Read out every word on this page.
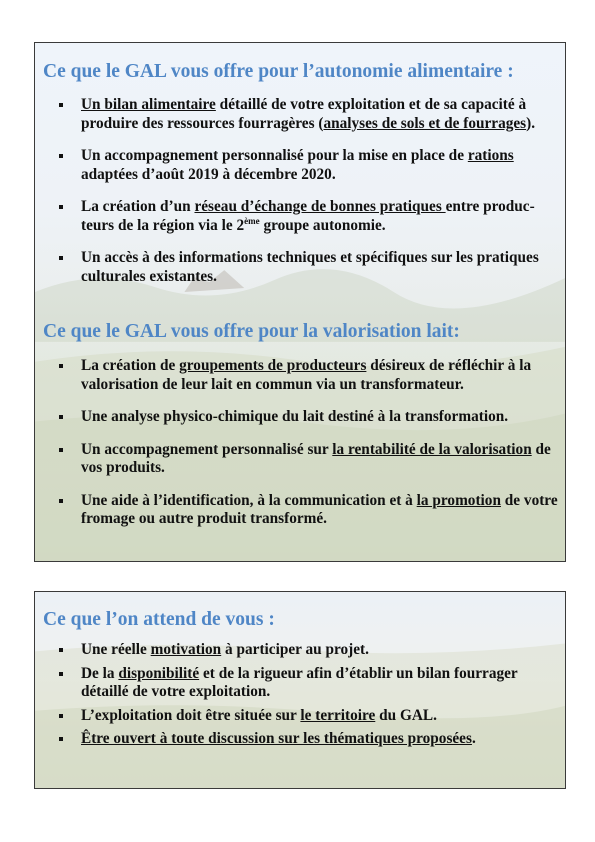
Ce que le GAL vous offre pour l’autonomie alimentaire :
Un bilan alimentaire détaillé de votre exploitation et de sa capacité à produire des ressources fourragères (analyses de sols et de fourrages).
Un accompagnement personnalisé pour la mise en place de rations adaptées d’août 2019 à décembre 2020.
La création d’un réseau d’échange de bonnes pratiques entre produc-teurs de la région via le 2ème groupe autonomie.
Un accès à des informations techniques et spécifiques sur les pratiques culturales existantes.
Ce que le GAL vous offre pour la valorisation lait:
La création de groupements de producteurs désireux de réfléchir à la valorisation de leur lait en commun via un transformateur.
Une analyse physico-chimique du lait destiné à la transformation.
Un accompagnement personnalisé sur la rentabilité de la valorisation de vos produits.
Une aide à l’identification, à la communication et à la promotion de votre fromage ou autre produit transformé.
Ce que l’on attend de vous :
Une réelle motivation à participer au projet.
De la disponibilité et de la rigueur afin d’établir un bilan fourrager détaillé de votre exploitation.
L’exploitation doit être située sur le territoire du GAL.
Être ouvert à toute discussion sur les thématiques proposées.
